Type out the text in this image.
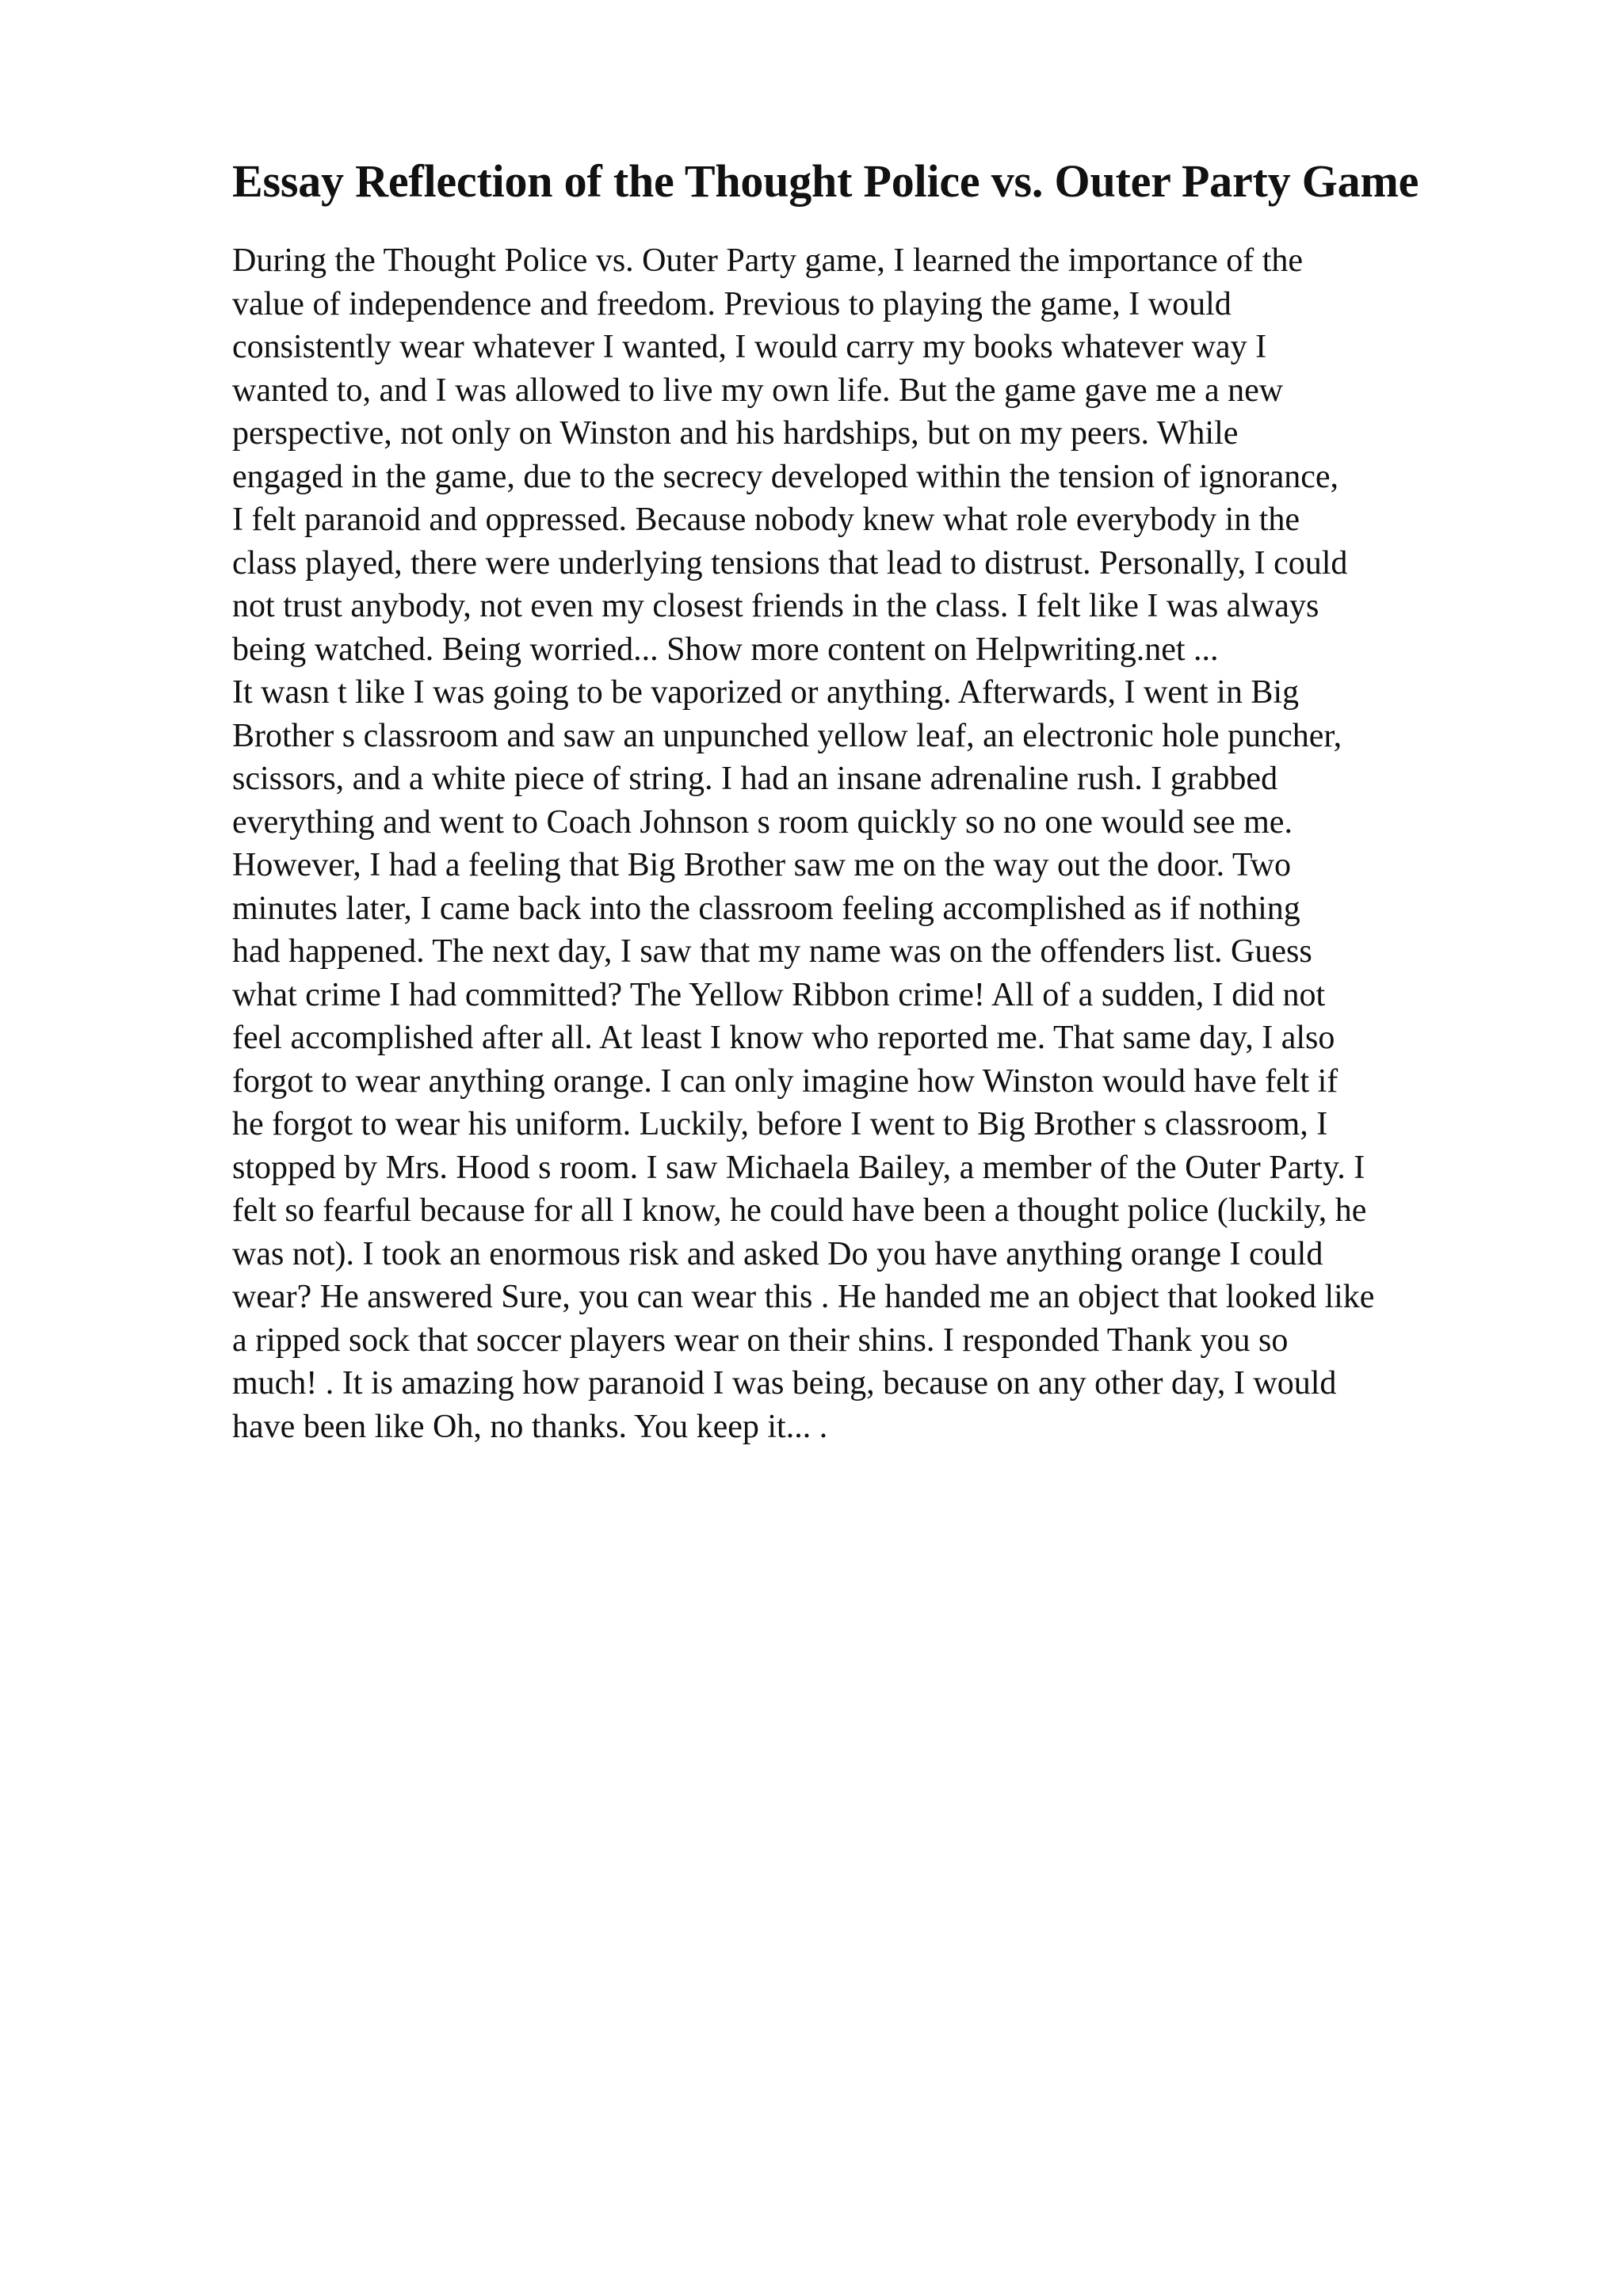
Essay Reflection of the Thought Police vs. Outer Party Game
During the Thought Police vs. Outer Party game, I learned the importance of the
value of independence and freedom. Previous to playing the game, I would
consistently wear whatever I wanted, I would carry my books whatever way I
wanted to, and I was allowed to live my own life. But the game gave me a new
perspective, not only on Winston and his hardships, but on my peers. While
engaged in the game, due to the secrecy developed within the tension of ignorance,
I felt paranoid and oppressed. Because nobody knew what role everybody in the
class played, there were underlying tensions that lead to distrust. Personally, I could
not trust anybody, not even my closest friends in the class. I felt like I was always
being watched. Being worried... Show more content on Helpwriting.net ...
It wasn t like I was going to be vaporized or anything. Afterwards, I went in Big
Brother s classroom and saw an unpunched yellow leaf, an electronic hole puncher,
scissors, and a white piece of string. I had an insane adrenaline rush. I grabbed
everything and went to Coach Johnson s room quickly so no one would see me.
However, I had a feeling that Big Brother saw me on the way out the door. Two
minutes later, I came back into the classroom feeling accomplished as if nothing
had happened. The next day, I saw that my name was on the offenders list. Guess
what crime I had committed? The Yellow Ribbon crime! All of a sudden, I did not
feel accomplished after all. At least I know who reported me. That same day, I also
forgot to wear anything orange. I can only imagine how Winston would have felt if
he forgot to wear his uniform. Luckily, before I went to Big Brother s classroom, I
stopped by Mrs. Hood s room. I saw Michaela Bailey, a member of the Outer Party. I
felt so fearful because for all I know, he could have been a thought police (luckily, he
was not). I took an enormous risk and asked Do you have anything orange I could
wear? He answered Sure, you can wear this . He handed me an object that looked like
a ripped sock that soccer players wear on their shins. I responded Thank you so
much! . It is amazing how paranoid I was being, because on any other day, I would
have been like Oh, no thanks. You keep it... .
